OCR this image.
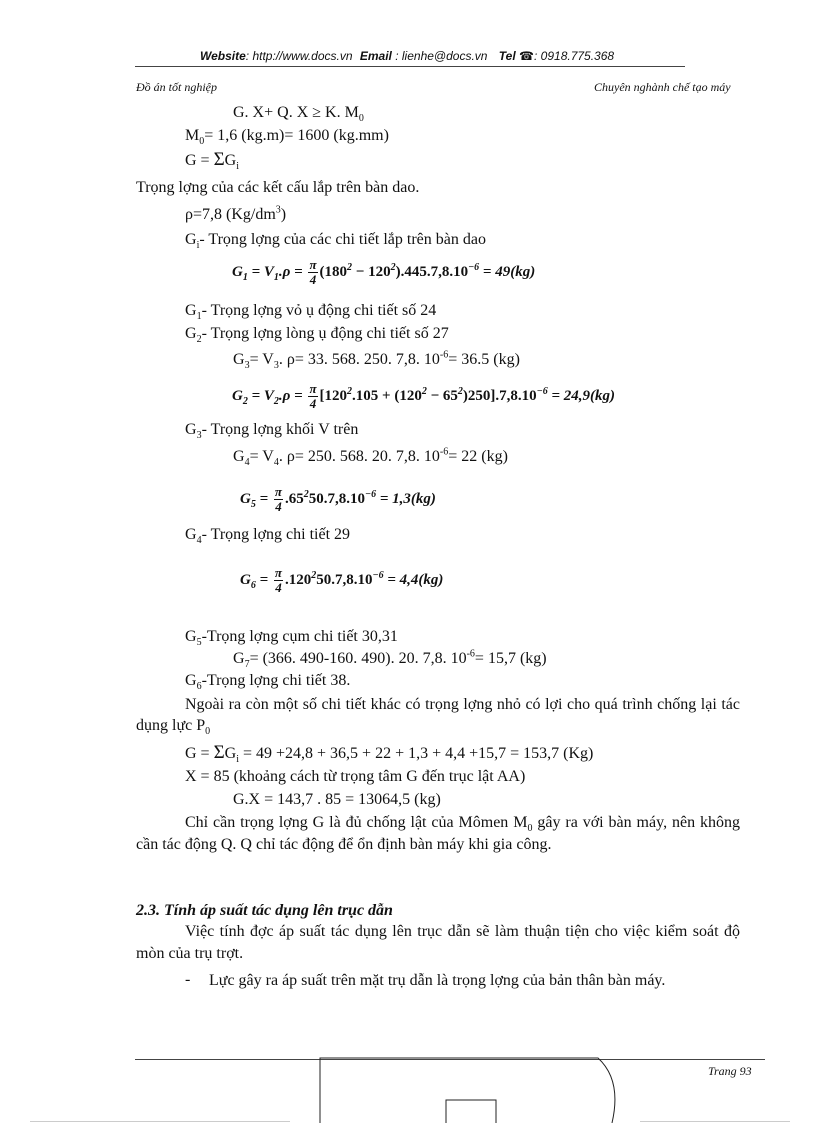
Website: http://www.docs.vn Email : lienhe@docs.vn Tel ☎: 0918.775.368
Đồ án tốt nghiệp	Chuyên nghành chế tạo máy
G. X+ Q. X ≥ K. $M_0$
$M_0= 1,6$ (kg.m)= 1600 (kg.mm)
$G = \Sigma G_i$
Trọng lợng của các kết cấu lắp trên bàn dao.
ρ=7,8 $(Kg/dm^3)$
$G_i-$ Trọng lợng của các chi tiết lắp trên bàn dao
$G_1 = V_1.\rho = \frac{\pi}{4} (180^2 - 120^2).445.7,8.10^{-6} = 49(kg)$
$G_1-$ Trọng lợng vỏ ụ động chi tiết số 24
$G_2-$ Trọng lợng lòng ụ động chi tiết số 27
$G_3= V_3$. ρ= 33. 568. 250. 7,8. $10^{-6}= 36.5$ (kg)
$G_2 = V_2.\rho = \frac{\pi}{4} [120^2.105 + (120^2 - 65^2)250].7,8.10^{-6} = 24,9(kg)$
$G_3-$ Trọng lợng khối V trên
$G_4= V_4$. ρ= 250. 568. 20. 7,8. $10^{-6}= 22$ (kg)
$G_5 = \frac{\pi}{4} .65^250.7,8.10^{-6} = 1,3(kg)$
$G_4-$ Trọng lợng chi tiết 29
$G_6 = \frac{\pi}{4} .120^250.7,8.10^{-6} = 4,4(kg)$
$G_5$-Trọng lợng cụm chi tiết 30,31
$G_7= (366$. 490-160. 490). 20. 7,8. $10^{-6}= 15,7$ (kg)
$G_6$-Trọng lợng chi tiết 38.
Ngoài ra còn một số chi tiết khác có trọng lợng nhỏ có lợi cho quá trình chống lại tác dụng lực $P_0$
$G = \Sigma G_i = 49 +24,8 + 36,5 + 22 + 1,3 + 4,4 +15,7 = 153,7$ (Kg)
X = 85 (khoảng cách từ trọng tâm G đến trục lật AA)
G.X = 143,7 . 85 = 13064,5 (kg)
Chỉ cần trọng lợng G là đủ chống lật của Mômen $M_0$ gây ra với bàn máy, nên không cần tác động Q. Q chỉ tác động để ổn định bàn máy khi gia công.
2.3. Tính áp suất tác dụng lên trục dẫn
Việc tính đợc áp suất tác dụng lên trục dẫn sẽ làm thuận tiện cho việc kiểm soát độ mòn của trụ trợt.
- Lực gây ra áp suất trên mặt trụ dẫn là trọng lợng của bản thân bàn máy.
Trang 93
